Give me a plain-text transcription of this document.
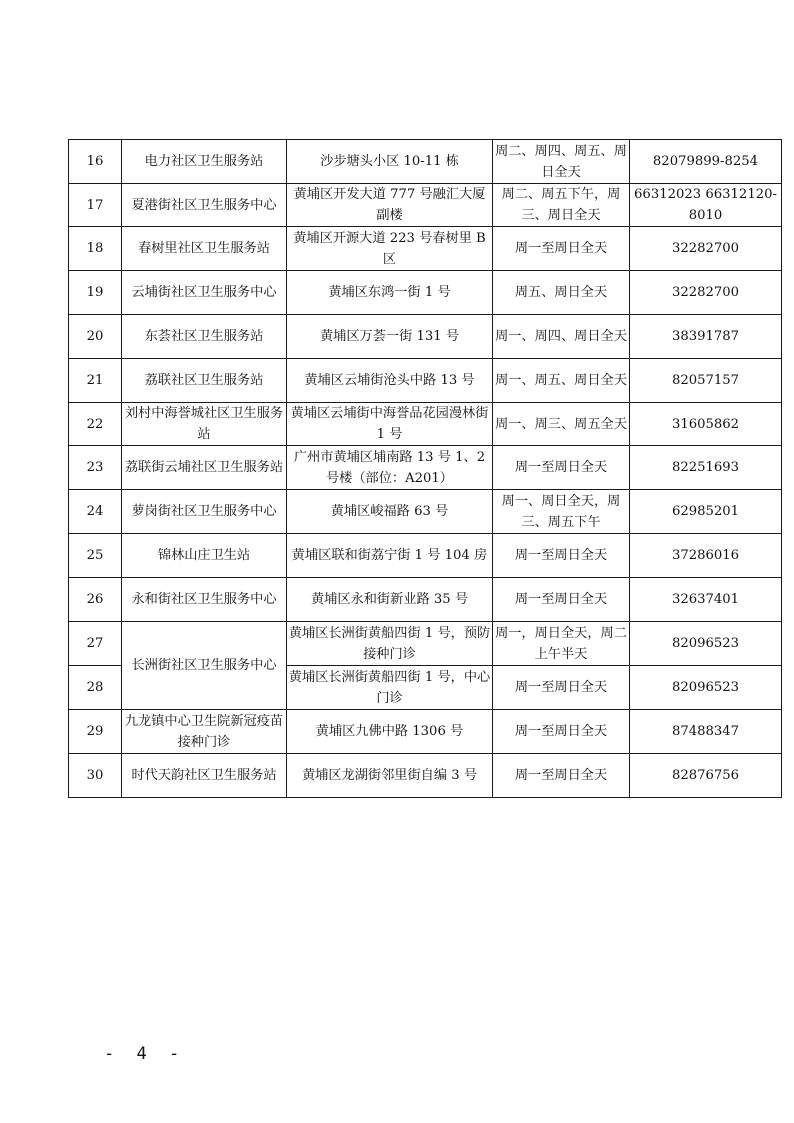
16	电力社区卫生服务站	沙步塘头小区 10-11 栋	周二、周四、周五、周日全天	82079899-8254
17	夏港街社区卫生服务中心	黄埔区开发大道 777 号融汇大厦副楼	周二、周五下午，周三、周日全天	66312023 66312120-8010
18	春树里社区卫生服务站	黄埔区开源大道 223 号春树里 B 区	周一至周日全天	32282700
19	云埔街社区卫生服务中心	黄埔区东鸿一街 1 号	周五、周日全天	32282700
20	东荟社区卫生服务站	黄埔区万荟一街 131 号	周一、周四、周日全天	38391787
21	荔联社区卫生服务站	黄埔区云埔街沧头中路 13 号	周一、周五、周日全天	82057157
22	刘村中海誉城社区卫生服务站	黄埔区云埔街中海誉品花园漫林街 1 号	周一、周三、周五全天	31605862
23	荔联街云埔社区卫生服务站	广州市黄埔区埔南路 13 号 1、2 号楼（部位：A201）	周一至周日全天	82251693
24	萝岗街社区卫生服务中心	黄埔区峻福路 63 号	周一、周日全天，周三、周五下午	62985201
25	锦林山庄卫生站	黄埔区联和街荔宁街 1 号 104 房	周一至周日全天	37286016
26	永和街社区卫生服务中心	黄埔区永和街新业路 35 号	周一至周日全天	32637401
27	长洲街社区卫生服务中心	黄埔区长洲街黄船四街 1 号，预防接种门诊	周一，周日全天，周二上午半天	82096523
28		黄埔区长洲街黄船四街 1 号，中心门诊	周一至周日全天	82096523
29	九龙镇中心卫生院新冠疫苗接种门诊	黄埔区九佛中路 1306 号	周一至周日全天	87488347
30	时代天韵社区卫生服务站	黄埔区龙湖街邻里街自编 3 号	周一至周日全天	82876756
- 4 -
